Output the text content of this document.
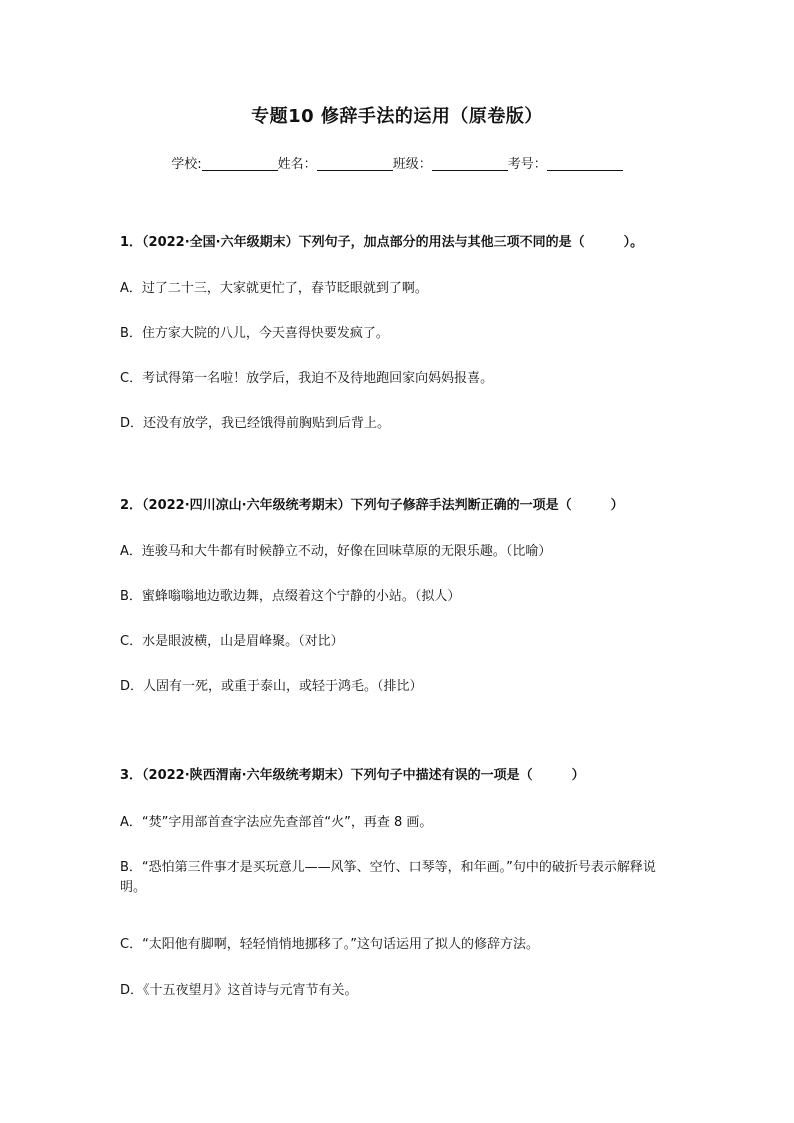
专题10 修辞手法的运用（原卷版）
学校:	姓名：	班级：	考号：
1．（2022·全国·六年级期末）下列句子，加点部分的用法与其他三项不同的是（　　　）。
A．过了二十三，大家就更忙了，春节眨眼就到了啊。
B．住方家大院的八儿，今天喜得快要发疯了。
C．考试得第一名啦！放学后，我迫不及待地跑回家向妈妈报喜。
D．还没有放学，我已经饿得前胸贴到后背上。
2．（2022·四川凉山·六年级统考期末）下列句子修辞手法判断正确的一项是（　　　）
A．连骏马和大牛都有时候静立不动，好像在回味草原的无限乐趣。（比喻）
B．蜜蜂嗡嗡地边歌边舞，点缀着这个宁静的小站。（拟人）
C．水是眼波横，山是眉峰聚。（对比）
D．人固有一死，或重于泰山，或轻于鸿毛。（排比）
3．（2022·陕西渭南·六年级统考期末）下列句子中描述有误的一项是（　　　）
A．“焚”字用部首查字法应先查部首“火”，再查 8 画。
B．“恐怕第三件事才是买玩意儿——风筝、空竹、口琴等，和年画。”句中的破折号表示解释说明。
C．“太阳他有脚啊，轻轻悄悄地挪移了。”这句话运用了拟人的修辞方法。
D．《十五夜望月》这首诗与元宵节有关。
